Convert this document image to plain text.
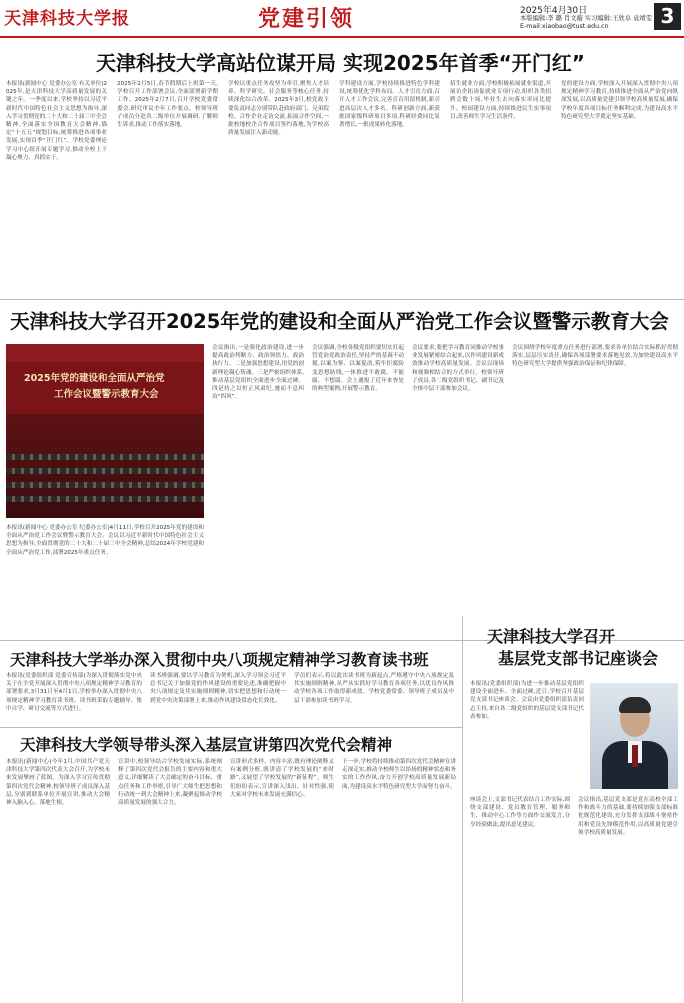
天津科技大学报	党建引领	2025年4月30日
本版编辑:李 璐 肖文璇 实习编辑:王欣卓 袁靖雯
E-mail:xiaobao@tust.edu.cn	3
天津科技大学高站位谋开局 实现2025年首季“开门红”
本报讯(新闻中心 党委办公室 有关单位)2025年,是天津科技大学高质量发展的关键之年。一季度以来,学校坚持以习近平新时代中国特色社会主义思想为指导,深入学习贯彻党的二十大和二十届三中全会精神,全面落实全国教育大会精神,锚定“十五五”规划目标,统筹推进各项事业发展,实现首季“开门红”。学校党委理论学习中心组开展专题学习,推动全校上下凝心聚力、真抓实干。
2025年2月5日,春节假期后上班第一天,学校召开工作部署会议,全面部署新学期工作。2025年2月7日,召开学校党委常委会,研究审议全年工作要点。校领导班子成员分赴各二级单位开展调研,了解师生诉求,推动工作落实落地。
学校以重点任务攻坚为牵引,聚焦人才培养、科学研究、社会服务等核心任务,持续深化综合改革。2025年3月,校党政主要负责同志分别带队赴政府部门、兄弟院校、合作企业走访交流,拓展合作空间,一批校地校企合作项目签约落地,为学校高质量发展注入新动能。
学科建设方面,学校持续推进特色学科建设,统筹优化学科布局。人才引育方面,召开人才工作会议,完善引育用留机制,新引进高层次人才多名。科研创新方面,新获批国家级科研项目多项,科研经费同比显著增长,一批成果转化落地。
招生就业方面,学校积极拓展就业渠道,开展访企拓岗促就业专项行动,组织各类招聘会数十场,毕业生去向落实率同比提升。校园建设方面,持续推进民生实事项目,改善师生学习生活条件。
党的建设方面,学校深入开展深入贯彻中央八项规定精神学习教育,持续推进全面从严治党向纵深发展,以高质量党建引领学校高质量发展,确保学校年度各项目标任务顺利完成,为建设高水平特色研究型大学奠定坚实基础。
天津科技大学召开2025年党的建设和全面从严治党工作会议暨警示教育大会
2025年党的建设和全面从严治党
工作会议暨警示教育大会
本报讯(新闻中心 党委办公室 纪委办公室)4月11日,学校召开2025年党的建设和全面从严治党工作会议暨警示教育大会。会议以习近平新时代中国特色社会主义思想为指导,全面贯彻党的二十大和二十届三中全会精神,总结2024年学校党建和全面从严治党工作,部署2025年重点任务。
会议指出,一是强化政治建设,进一步提高政治判断力、政治领悟力、政治执行力。二是加强思想建设,用党的创新理论凝心铸魂。三是严密组织体系,推动基层党组织全面进步全面过硬。四是持之以恒正风肃纪,驰而不息纠治“四风”。
会议强调,全校各级党组织要切实扛起管党治党政治责任,坚持严的基调不动摇,以案为鉴、以案促改,筑牢拒腐防变思想防线,一体推进不敢腐、不能腐、不想腐。会上通报了近年来查处的典型案例,开展警示教育。
会议要求,要把学习教育同推动学校事业发展紧密结合起来,以作风建设新成效推动学校高质量发展。会议以现场和视频相结合的方式举行。校领导班子成员,各二级党组织书记、副书记及全体中层干部参加会议。
会议围绕学校年度重点任务进行部署,要求各单位结合实际抓好贯彻落实,层层压实责任,确保各项部署要求落地见效,为加快建设高水平特色研究型大学提供坚强政治保证和纪律保障。
天津科技大学举办深入贯彻中央八项规定精神学习教育读书班
本报讯(党委组织部 党委宣传部)为深入贯彻落实党中央关于在全党开展深入贯彻中央八项规定精神学习教育的部署要求,3月31日至4月1日,学校举办深入贯彻中央八项规定精神学习教育读书班。读书班采取专题辅导、集中自学、研讨交流等方式进行。
读书班强调,要以学习教育为契机,深入学习领会习近平总书记关于加强党的作风建设的重要论述,准确把握中央八项规定及其实施细则精神,切实把思想和行动统一到党中央决策部署上来,推动作风建设常态化长效化。
学员们表示,将以此次读书班为新起点,严格遵守中央八项规定及其实施细则精神,从严从实抓好学习教育各项任务,以优良作风推动学校各项工作取得新成效。学校党委常委、领导班子成员及中层干部参加读书班学习。
天津科技大学领导带头深入基层宣讲第四次党代会精神
本报讯(新闻中心)今年1月,中国共产党天津科技大学第四次代表大会召开,为学校未来发展擘画了蓝图。为深入学习宣传贯彻第四次党代会精神,校领导班子成员深入基层,分别到联系单位开展宣讲,推动大会精神入脑入心、落地生根。
宣讲中,校领导结合学校发展实际,系统阐释了第四次党代会报告的主要内容和重大意义,详细解读了大会确定的奋斗目标、重点任务和工作举措,引导广大师生把思想和行动统一到大会精神上来,凝聚起推动学校高质量发展的强大合力。
宣讲形式多样、内容丰富,既有理论阐释又有案例分析,既讲清了学校发展的“来时路”,又展望了学校发展的“新征程”。师生们纷纷表示,宣讲深入浅出、针对性强,使大家对学校未来发展充满信心。
下一步,学校将持续推动第四次党代会精神宣讲走深走实,推动全校师生以昂扬的精神状态和务实的工作作风,奋力开创学校高质量发展新局面,为建设高水平特色研究型大学而努力奋斗。
天津科技大学召开
基层党支部书记座谈会
本报讯(党委组织部)为进一步推动基层党组织建设全面进步、全面过硬,近日,学校召开基层党支部书记座谈会。会议由党委组织部负责同志主持,来自各二级党组织的基层党支部书记代表参加。
座谈会上,支部书记代表结合工作实际,围绕支部建设、党员教育管理、服务师生、推动中心工作等方面作交流发言,分享经验做法,提出意见建议。
会议指出,基层党支部是党在高校全部工作和战斗力的基础,要持续加强支部标准化规范化建设,充分发挥支部战斗堡垒作用和党员先锋模范作用,以高质量党建引领学校高质量发展。
